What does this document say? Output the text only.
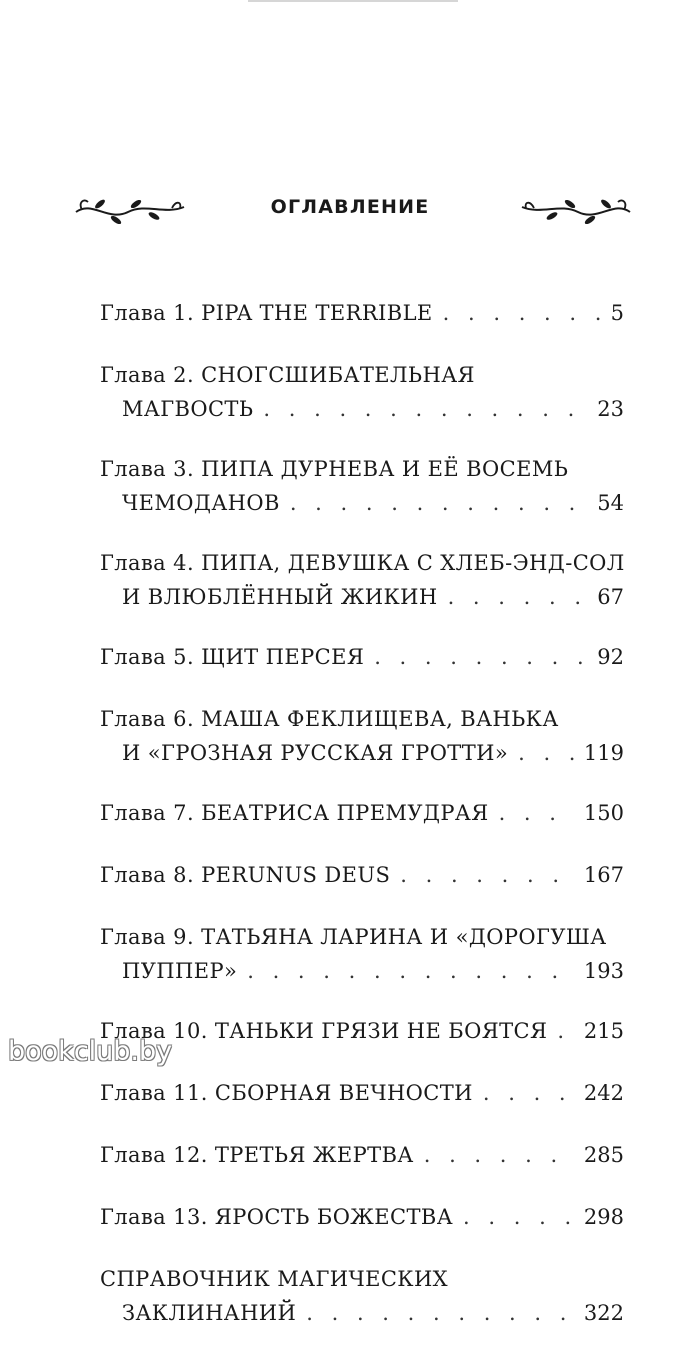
ОГЛАВЛЕНИЕ
Глава 1. PIPA THE TERRIBLE . . .	5
Глава 2. СНОГСШИБАТЕЛЬНАЯ
МАГВОСТЬ . . .	23
Глава 3. ПИПА ДУРНЕВА И ЕЁ ВОСЕМЬ
ЧЕМОДАНОВ . . .	54
Глава 4. ПИПА, ДЕВУШКА С ХЛЕБ-ЭНД-СОЛ
И ВЛЮБЛЁННЫЙ ЖИКИН . . .	67
Глава 5. ЩИТ ПЕРСЕЯ . . .	92
Глава 6. МАША ФЕКЛИЩЕВА, ВАНЬКА
И «ГРОЗНАЯ РУССКАЯ ГРОТТИ» . . .	119
Глава 7. БЕАТРИСА ПРЕМУДРАЯ . . .	150
Глава 8. PERUNUS DEUS . . .	167
Глава 9. ТАТЬЯНА ЛАРИНА И «ДОРОГУША
ПУППЕР» . . .	193
Глава 10. ТАНЬКИ ГРЯЗИ НЕ БОЯТСЯ . . . 215
Глава 11. СБОРНАЯ ВЕЧНОСТИ . . .	242
Глава 12. ТРЕТЬЯ ЖЕРТВА . . .	285
Глава 13. ЯРОСТЬ БОЖЕСТВА . . .	298
СПРАВОЧНИК МАГИЧЕСКИХ
ЗАКЛИНАНИЙ . . .	322
bookclub.by
